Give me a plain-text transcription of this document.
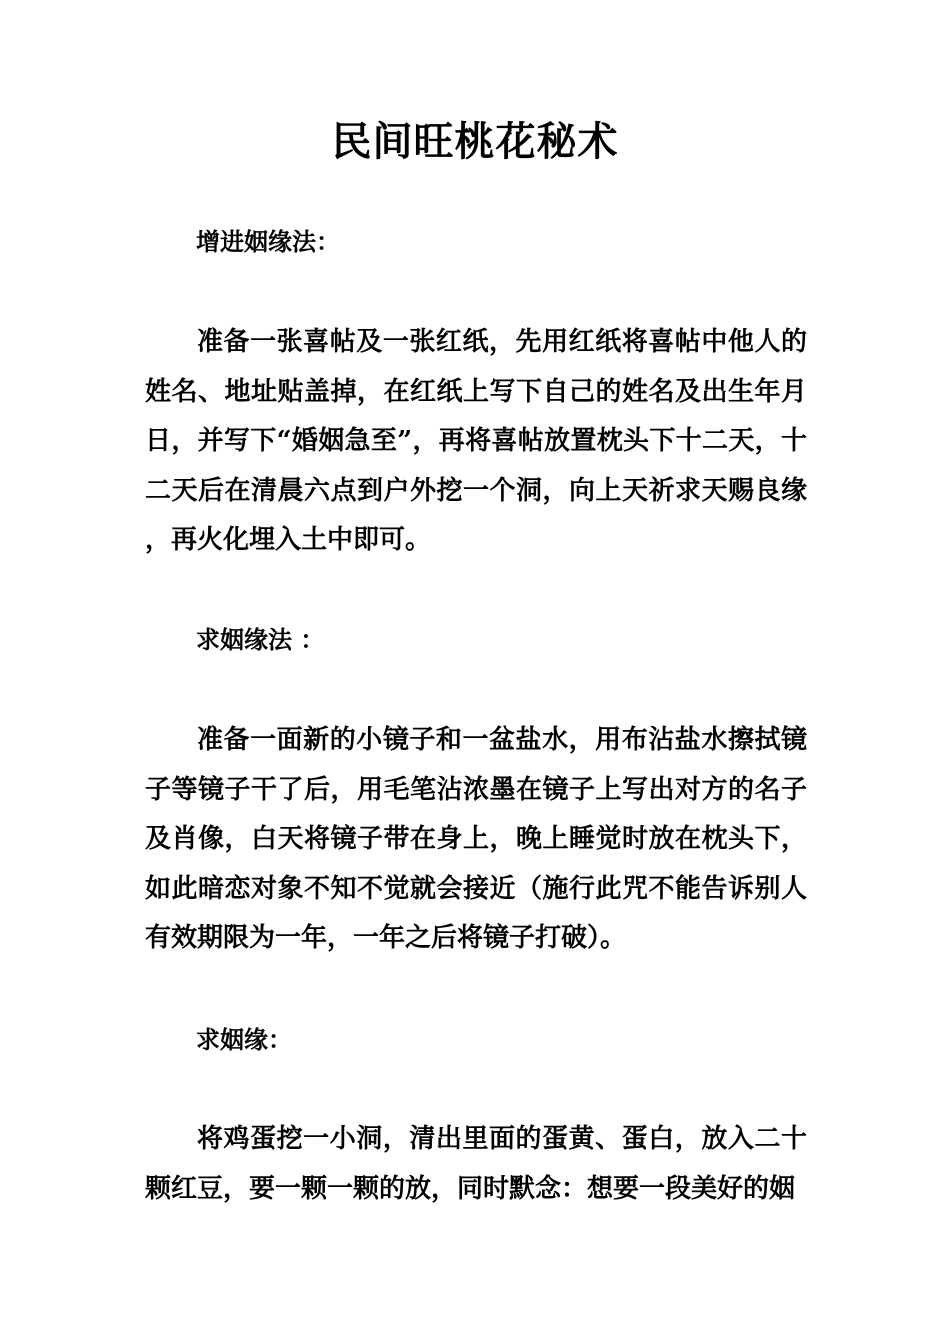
民间旺桃花秘术
增进姻缘法：

准备一张喜帖及一张红纸，先用红纸将喜帖中他人的姓名、地址贴盖掉，在红纸上写下自己的姓名及出生年月日，并写下“婚姻急至”，再将喜帖放置枕头下十二天，十二天后在清晨六点到户外挖一个洞，向上天祈求天赐良缘，再火化埋入土中即可。

求姻缘法 ：

准备一面新的小镜子和一盆盐水，用布沾盐水擦拭镜子等镜子干了后，用毛笔沾浓墨在镜子上写出对方的名子及肖像，白天将镜子带在身上，晚上睡觉时放在枕头下，如此暗恋对象不知不觉就会接近（施行此咒不能告诉别人有效期限为一年，一年之后将镜子打破）。

求姻缘：

将鸡蛋挖一小洞，清出里面的蛋黄、蛋白，放入二十颗红豆，要一颗一颗的放，同时默念：想要一段美好的姻
